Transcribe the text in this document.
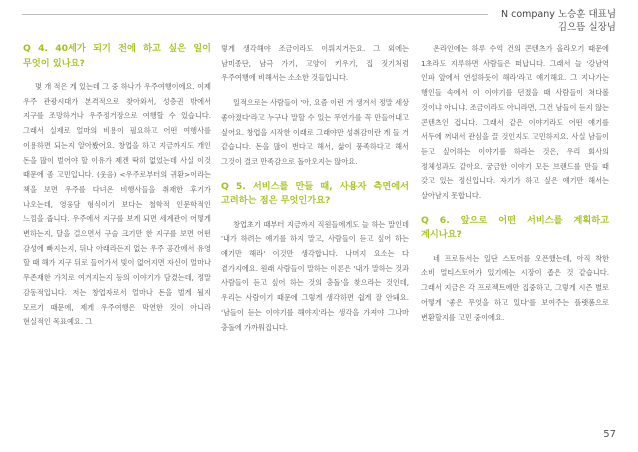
N company 노승훈 대표님
김으뜸 실장님
Q 4. 40세가 되기 전에 하고 싶은 일이 무엇이 있나요?
몇 개 적은 게 있는데 그 중 하나가 우주여행이에요. 이제 우주 관광시대가 본격적으로 찾아와서, 성층권 밖에서 지구를 조망하거나 우주정거장으로 여행할 수 있습니다. 그래서 실제로 얼마의 비용이 필요하고 어떤 여행사를 이용하면 되는지 알아봤어요. 창업을 하고 지금까지도 개인 돈을 많이 벌어야 할 이유가 제겐 딱히 없었는데 사실 이것 때문에 좀 고민입니다. (웃음) <우주로부터의 귀환>이라는 책을 보면 우주를 다녀온 비행사들을 취재한 후기가 나오는데, 영웅담 형식이기 보다는 철학적 인문학적인 느낌을 줍니다. 우주에서 지구를 보게 되면 세계관이 어떻게 변하는지, 달을 걸으면서 구슬 크기만 한 지구를 보면 어떤 감성에 빠지는지, 뒤나 아래라든지 없는 우주 공간에서 유영 할 때 해가 지구 뒤로 들어가서 빛이 없어지면 자신이 얼마나 무존재한 가치로 여겨지는지 등의 이야기가 담겼는데, 정말 감동적입니다. 저는 창업자로서 얼마나 돈을 벌게 될지 모르기 때문에, 제게 우주여행은 막연한 것이 아니라 현실적인 목표예요. 그
렇게 생각해야 조금이라도 이뤄지거든요. 그 외에는 남미종단, 남극 가기, 고양이 키우기, 집 짓기처럼 우주여행에 비해서는 소소한 것들입니다.
일적으로는 사람들이 '아, 요즘 이런 거 생겨서 정말 세상 좋아졌다'라고 누구나 말할 수 있는 무언가를 꼭 만들어내고 싶어요. 창업을 시작한 이래로 그래야만 성취감이란 게 들 거 같습니다. 돈을 많이 번다고 해서, 삶이 풍족하다고 해서 그것이 결코 만족감으로 돌아오지는 않아요.
Q 5. 서비스를 만들 때, 사용자 측면에서 고려하는 점은 무엇인가요?
창업초기 때부터 지금까지 직원들에게도 늘 하는 말인데 '내가 하려는 얘기를 하지 말고, 사람들이 듣고 싶어 하는 얘기만 해라' 이것만 생각합니다. 나머지 요소는 다 곁가지에요. 원래 사람들이 말하는 이론은 '내가 말하는 것과 사람들이 듣고 싶어 하는 것의 충돌'을 찾으라는 것인데, 우리는 사람이기 때문에 그렇게 생각하면 쉽게 잘 안돼요. '남들이 듣는 이야기를 해야지'라는 생각을 가져야 그나마 충돌에 가까워집니다.
온라인에는 하루 수억 건의 콘텐츠가 올라오기 때문에 1초라도 지루하면 사람들은 떠납니다. 그래서 늘 '강남역 인파 앞에서 연설하듯이 해라'라고 얘기해요. 그 지나가는 행인들 속에서 이 이야기를 던졌을 때 사람들이 쳐다볼 것이냐 아니냐. 조금이라도 아니라면, 그건 남들이 듣지 않는 콘텐츠인 겁니다. 그래서 같은 이야기라도 어떤 얘기를 서두에 꺼내서 관심을 끌 것인지도 고민하지요. 사실 남들이 듣고 싶어하는 이야기를 하라는 것은, 우리 회사의 정체성과도 같아요. 궁금한 이야기 모든 브랜드를 만들 때 갖고 있는 정신입니다. 자기가 하고 싶은 얘기만 해서는 살아남지 못합니다.
Q 6. 앞으로 어떤 서비스를 계획하고 계시나요?
네 프로듀서는 일단 스토어를 오픈했는데, 아직 착한 소비 멀티스토어가 있기에는 시장이 좁은 것 같습니다. 그래서 지금은 각 프로젝트에만 집중하고, 그렇게 시즌 별로 어떻게 '좋은 무엇을 하고 있다'를 보여주는 플랫폼으로 변환할지를 고민 중이에요.
57
